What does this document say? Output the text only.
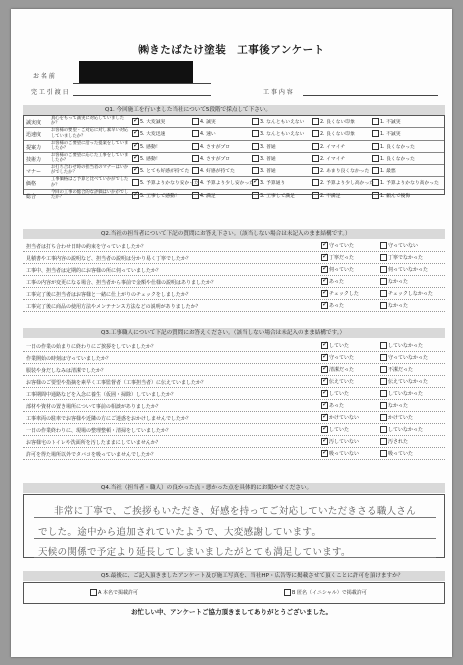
㈱きたばたけ塗装　工事後アンケート
お 名 前
完 工 引 渡 日	工 事 内 容
Q1. 今回施工を行いました当社について5段階で採点して下さい。
誠実度
真心をもって誠実に対応していましたか？ ✓	5. 大変誠実	4. 誠実	3. なんともいえない	2. 良くない印象	1. 不誠実
迅速度
お客様の要望・ご対応に対し素早い対応していましたか？ ✓	5. 大変迅速	4. 速い	3. なんともいえない	2. 良くない印象	1. 不誠実
提案力
お客様のご要望に沿った提案をしていましたか？ ✓	5. 感動！	4. さすがプロ	3. 普通	2. イマイチ	1. 良くなかった
技術力
お客様のご要望に応じた工事をしていましたか？ ✓	5. 感動！	4. さすがプロ	3. 普通	2. イマイチ	1. 良くなかった
マナー
お打ち合わせ時の担当者のマナーはいかがでしたか？ ✓	5. とても好感が持てた	4. 好感が持てた	3. 普通	2. あまり良くなかった	1. 最悪
価格
工事価格はご予算と比べていかがでしたか？	5. 予算よりかなり安かった 4. 予算より少し安かった ✓	3. 予算通り	2. 予算より少し高かった	1. 予算よりかなり高かった
総合
今回の工事の総合的な評価はいかがでしたか？ ✓	5. 工事して感動！	4. 満足	3. 工事して満足	2. 不満足	1. 頼んで後悔
Q2.当社の担当者について下記の質問にお答え下さい。（該当しない場合は未記入のまま結構です。）
担当者は打ち合わせ日時の約束を守っていましたか？ ✓	守っていた	守っていない
見積書や工事内容の説明など、担当者の説明は分かり易く丁寧でしたか？ ✓	丁寧だった	丁寧でなかった
工事中、担当者は定期的にお客様の所に伺っていましたか？ ✓	伺っていた	伺っていなかった
工事の内容が変更になる場合、担当者から事前で金額や仕様の説明はありましたか？ ✓	あった	なかった
工事完了後に担当者はお客様と一緒に仕上がりのチェックをしましたか？ ✓	チェックした	チェックしなかった
工事完了後に商品の使用方法やメンテナンス方法などの説明がありましたか？ ✓	あった	なかった
Q3.工事職人について下記の質問にお答えください。（該当しない場合は未記入のまま結構です。）
一日の作業の始まりに終わりにご挨拶をしていましたか？ ✓	していた	していなかった
作業開始の時刻は守っていましたか？ ✓	守っていた	守っていなかった
服装や身だしなみは清潔でしたか？ ✓	清潔だった	不潔だった
お客様のご要望や指摘を素早く工事監督者（工事担当者）に伝えていましたか？ ✓	伝えていた	伝えていなかった
工事期間中通路などを入念に養生（仮囲・掃除）していましたか？ ✓	していた	していなかった
部材や資材の置き場所について事前の相談がありましたか？ ✓	あった	なかった
工事車両の駐車でお客様や近隣の方にご迷惑をおかけしませんでしたか？ ✓	かけていない	かけていた
一日の作業終わりに、現場の整理整頓・清掃をしていましたか？ ✓	していた	していなかった
お客様宅のトイレや洗面所を汚したままにしていませんか？ ✓	汚していない	汚された
許可を得た場所以外でタバコを吸っていませんでしたか？ ✓	吸っていない	吸っていた
Q4.当社（担当者・職人）の良かった点・悪かった点を具体的にお聞かせください。
非常に丁寧で、ご挨拶もいただき、好感を持ってご対応していただきさる職人さん
でした。途中から追加されていたようで、大変感謝しています。
天候の関係で予定より延長してしまいましたがとても満足しています。
Q5.最後に、ご記入頂きましたアンケート及び施工写真を、当社HP・広告等に掲載させて頂くことに許可を頂けますか？
A 本名で掲載許可	B 匿名（イニシャル）で掲載許可
お忙しい中、アンケートご協力頂きましてありがとうございました。
